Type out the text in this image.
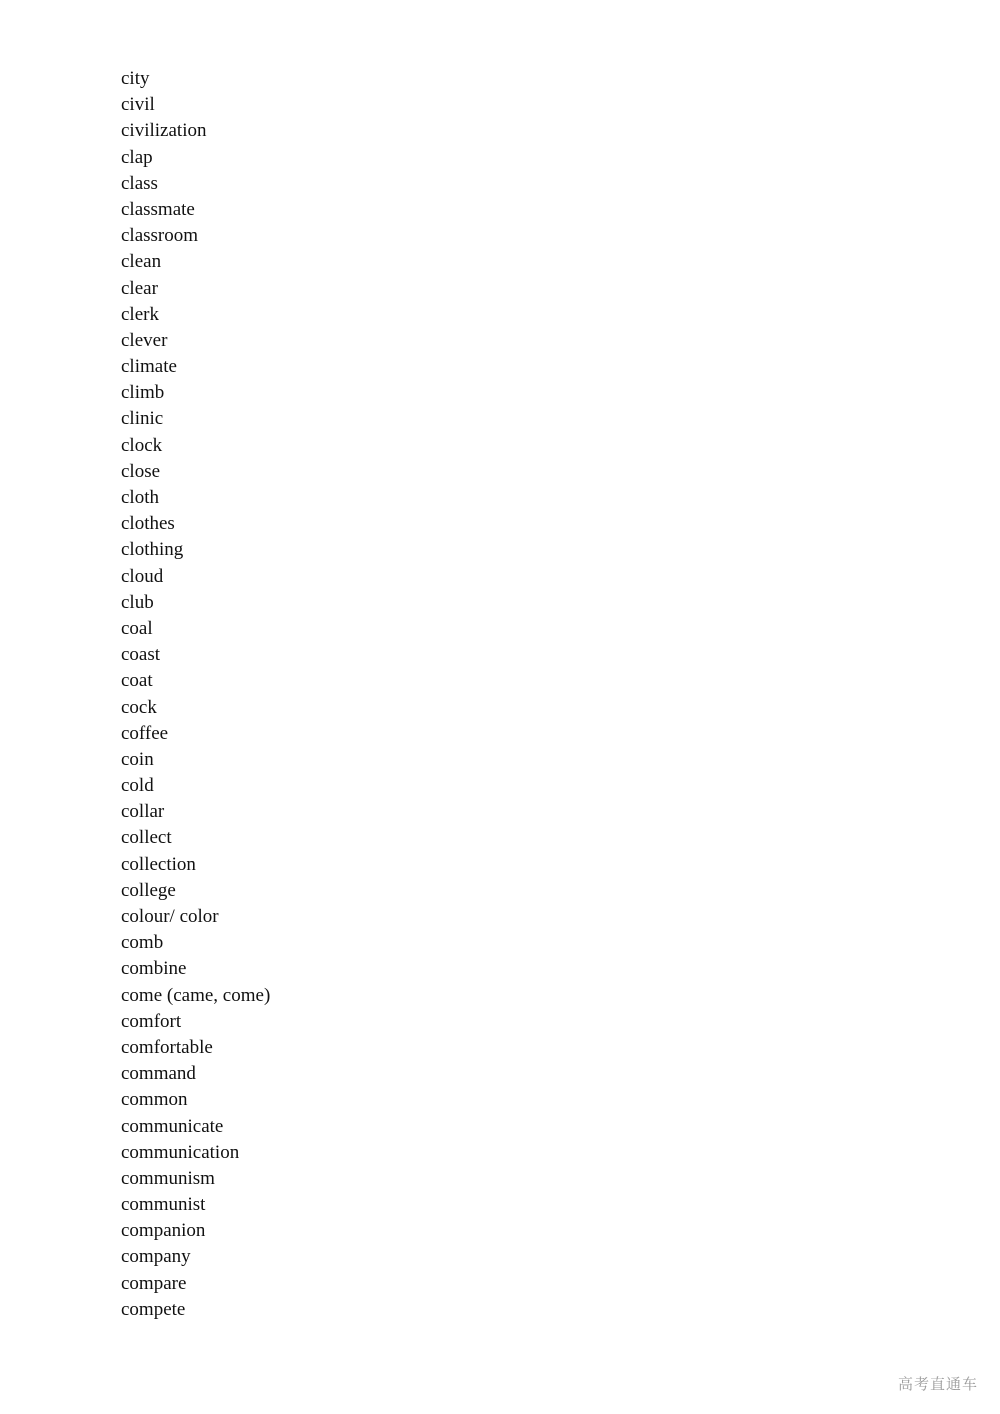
city
civil
civilization
clap
class
classmate
classroom
clean
clear
clerk
clever
climate
climb
clinic
clock
close
cloth
clothes
clothing
cloud
club
coal
coast
coat
cock
coffee
coin
cold
collar
collect
collection
college
colour/ color
comb
combine
come (came, come)
comfort
comfortable
command
common
communicate
communication
communism
communist
companion
company
compare
compete
高考直通车
